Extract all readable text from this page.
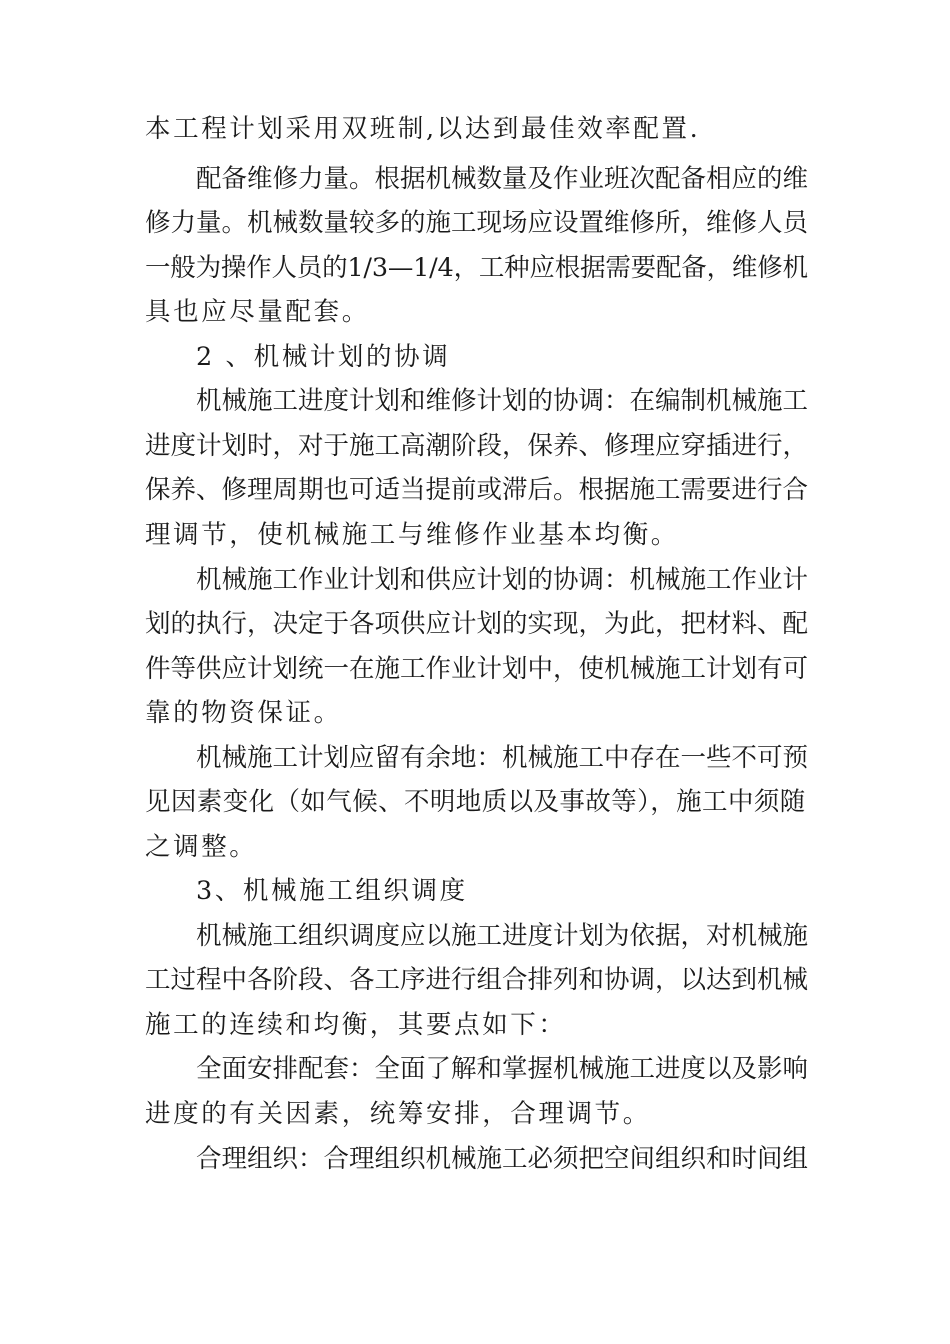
本工程计划采用双班制,以达到最佳效率配置.
配备维修力量。根据机械数量及作业班次配备相应的维
修力量。机械数量较多的施工现场应设置维修所，维修人员
一般为操作人员的1/3—1/4，工种应根据需要配备，维修机
具也应尽量配套。
2 、机械计划的协调
机械施工进度计划和维修计划的协调：在编制机械施工
进度计划时，对于施工高潮阶段，保养、修理应穿插进行，
保养、修理周期也可适当提前或滞后。根据施工需要进行合
理调节，使机械施工与维修作业基本均衡。
机械施工作业计划和供应计划的协调：机械施工作业计
划的执行，决定于各项供应计划的实现，为此，把材料、配
件等供应计划统一在施工作业计划中，使机械施工计划有可
靠的物资保证。
机械施工计划应留有余地：机械施工中存在一些不可预
见因素变化（如气候、不明地质以及事故等），施工中须随
之调整。
3、机械施工组织调度
机械施工组织调度应以施工进度计划为依据，对机械施
工过程中各阶段、各工序进行组合排列和协调，以达到机械
施工的连续和均衡，其要点如下：
全面安排配套：全面了解和掌握机械施工进度以及影响
进度的有关因素，统筹安排，合理调节。
合理组织：合理组织机械施工必须把空间组织和时间组
